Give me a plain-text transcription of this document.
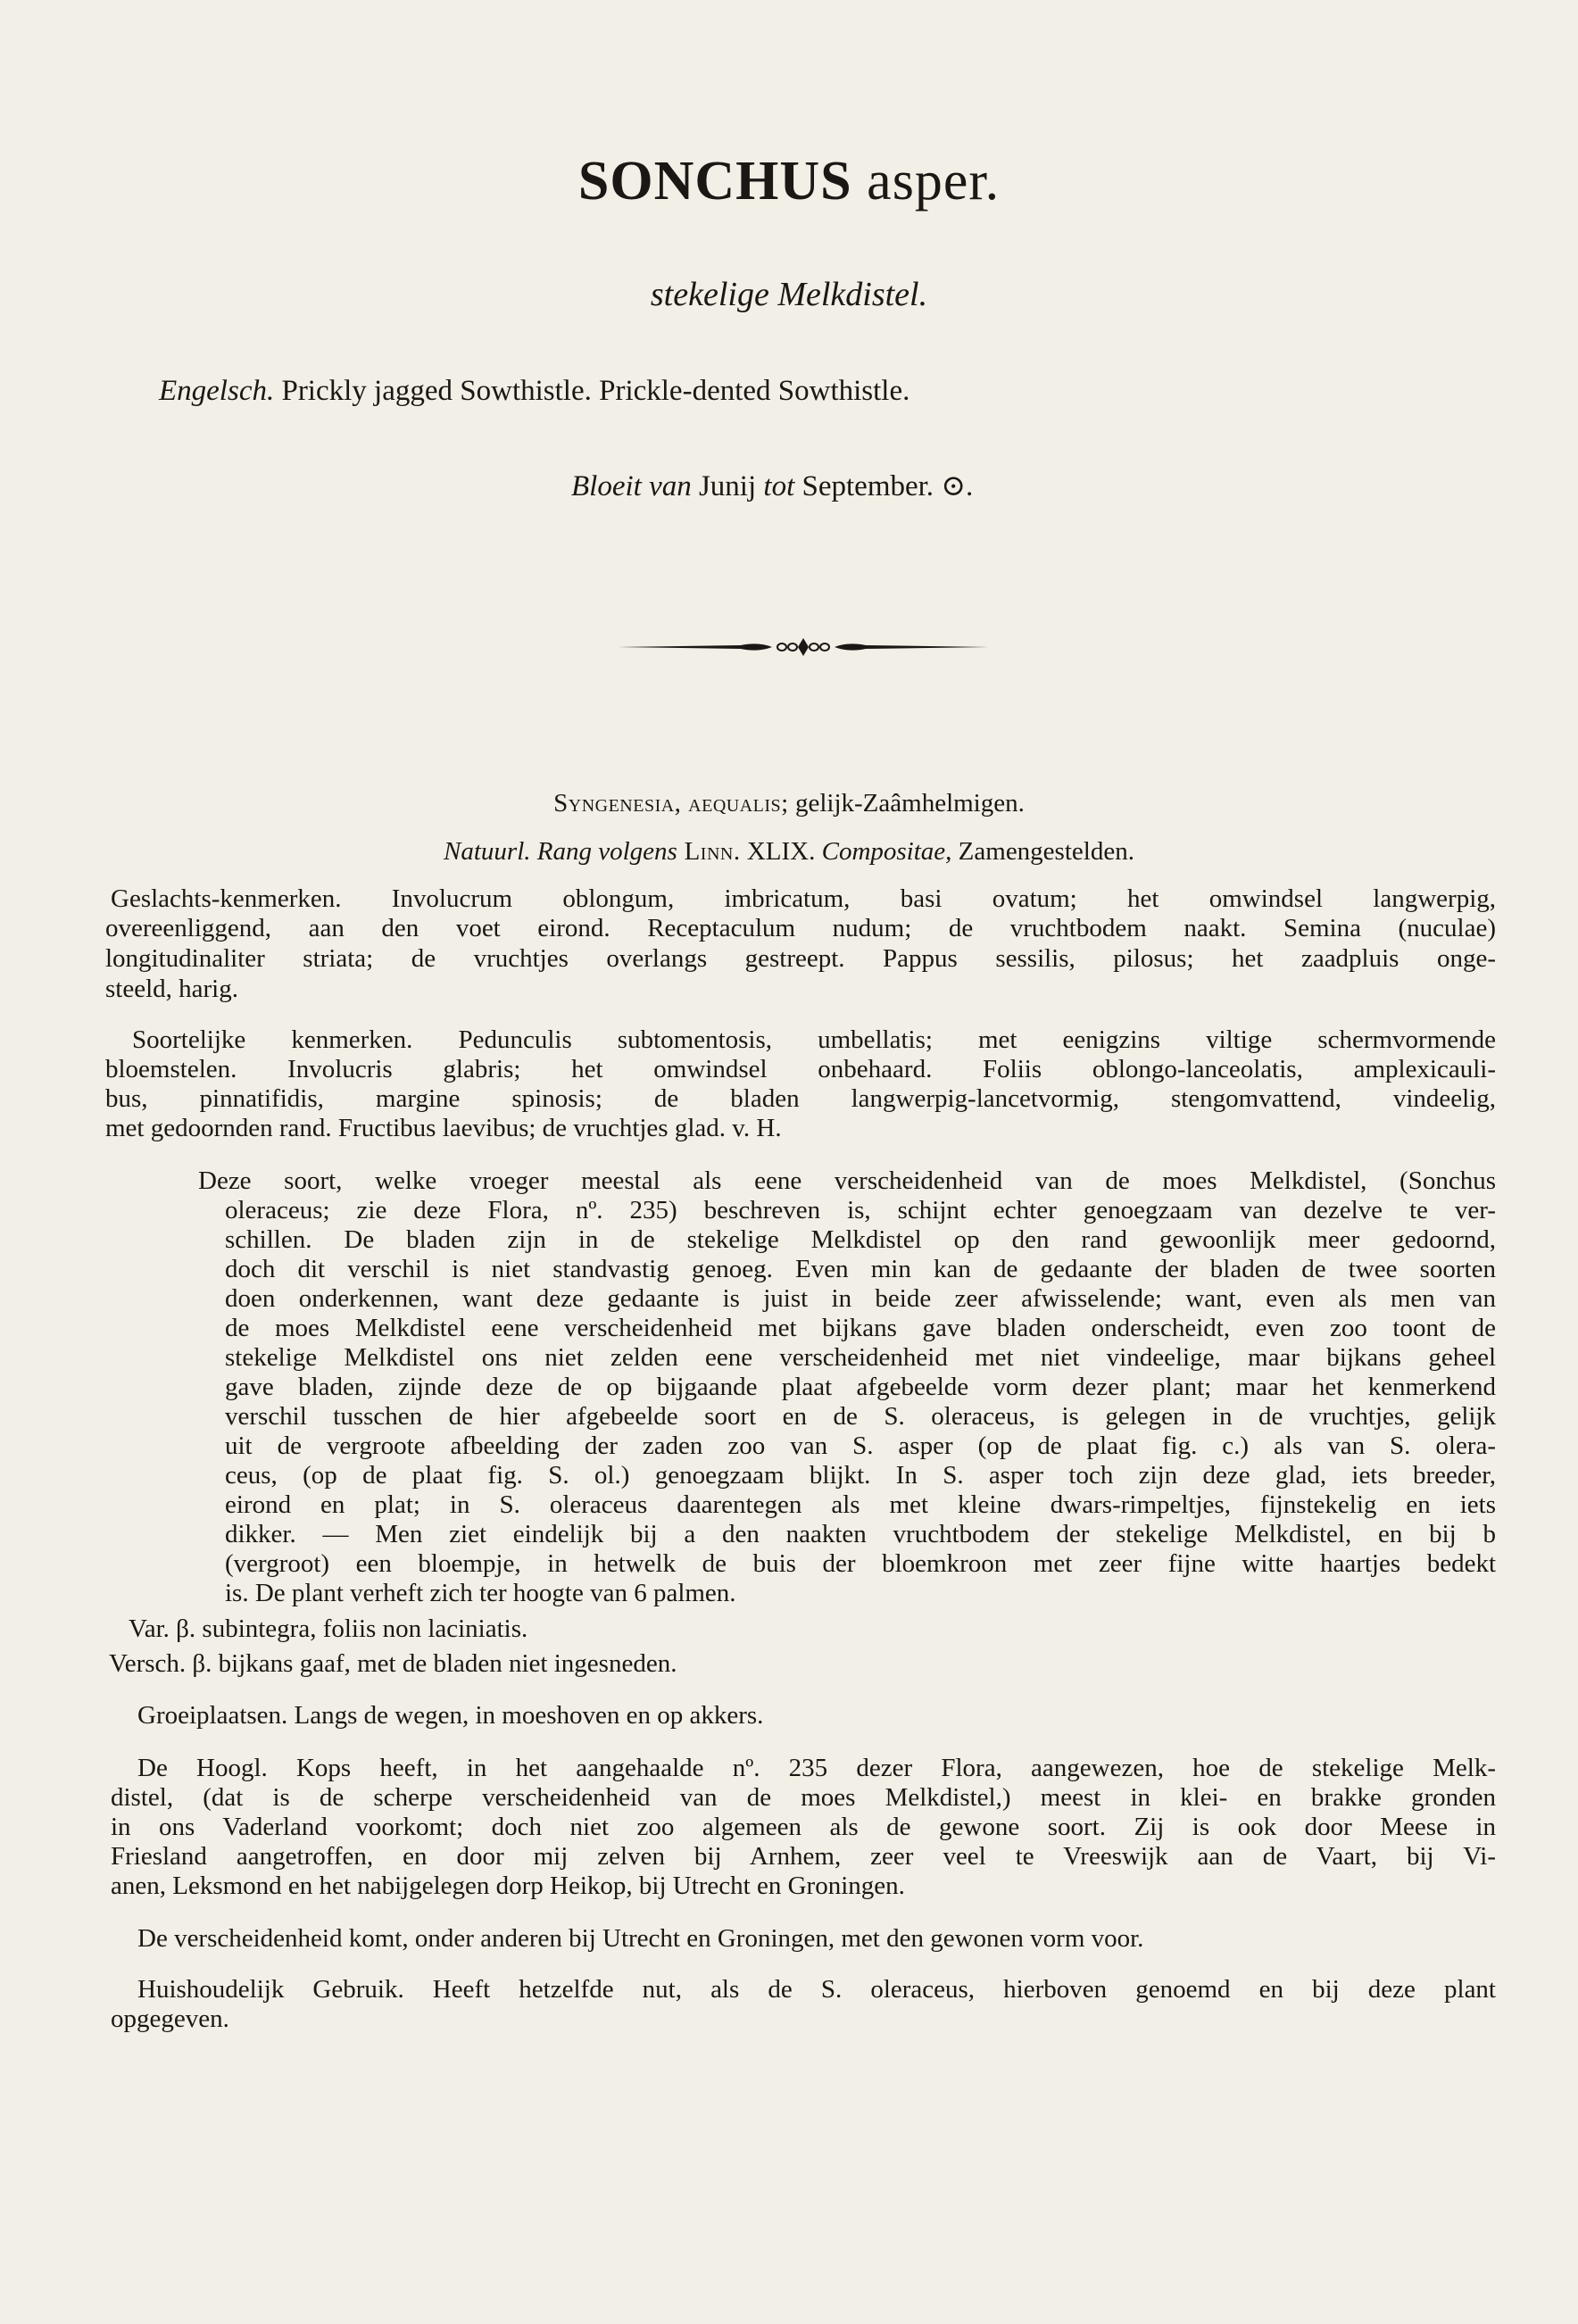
SONCHUS asper.
stekelige Melkdistel.
Engelsch. Prickly jagged Sowthistle. Prickle-dented Sowthistle.
Bloeit van Junij tot September. ⊙.
Syngenesia, aequalis; gelijk-Zaâmhelmigen.
Natuurl. Rang volgens Linn. XLIX. Compositae, Zamengestelden.
Geslachts-kenmerken. Involucrum oblongum, imbricatum, basi ovatum; het omwindsel langwerpig,
overeenliggend, aan den voet eirond. Receptaculum nudum; de vruchtbodem naakt. Semina (nuculae)
longitudinaliter striata; de vruchtjes overlangs gestreept. Pappus sessilis, pilosus; het zaadpluis onge-
steeld, harig.
Soortelijke kenmerken. Pedunculis subtomentosis, umbellatis; met eenigzins viltige schermvormende
bloemstelen. Involucris glabris; het omwindsel onbehaard. Foliis oblongo-lanceolatis, amplexicauli-
bus, pinnatifidis, margine spinosis; de bladen langwerpig-lancetvormig, stengomvattend, vindeelig,
met gedoornden rand. Fructibus laevibus; de vruchtjes glad. v. H.
Deze soort, welke vroeger meestal als eene verscheidenheid van de moes Melkdistel, (Sonchus
oleraceus; zie deze Flora, nº. 235) beschreven is, schijnt echter genoegzaam van dezelve te ver-
schillen. De bladen zijn in de stekelige Melkdistel op den rand gewoonlijk meer gedoornd,
doch dit verschil is niet standvastig genoeg. Even min kan de gedaante der bladen de twee soorten
doen onderkennen, want deze gedaante is juist in beide zeer afwisselende; want, even als men van
de moes Melkdistel eene verscheidenheid met bijkans gave bladen onderscheidt, even zoo toont de
stekelige Melkdistel ons niet zelden eene verscheidenheid met niet vindeelige, maar bijkans geheel
gave bladen, zijnde deze de op bijgaande plaat afgebeelde vorm dezer plant; maar het kenmerkend
verschil tusschen de hier afgebeelde soort en de S. oleraceus, is gelegen in de vruchtjes, gelijk
uit de vergroote afbeelding der zaden zoo van S. asper (op de plaat fig. c.) als van S. olera-
ceus, (op de plaat fig. S. ol.) genoegzaam blijkt. In S. asper toch zijn deze glad, iets breeder,
eirond en plat; in S. oleraceus daarentegen als met kleine dwars-rimpeltjes, fijnstekelig en iets
dikker. — Men ziet eindelijk bij a den naakten vruchtbodem der stekelige Melkdistel, en bij b
(vergroot) een bloempje, in hetwelk de buis der bloemkroon met zeer fijne witte haartjes bedekt
is. De plant verheft zich ter hoogte van 6 palmen.
Var. β. subintegra, foliis non laciniatis.
Versch. β. bijkans gaaf, met de bladen niet ingesneden.
Groeiplaatsen. Langs de wegen, in moeshoven en op akkers.
De Hoogl. Kops heeft, in het aangehaalde nº. 235 dezer Flora, aangewezen, hoe de stekelige Melk-
distel, (dat is de scherpe verscheidenheid van de moes Melkdistel,) meest in klei- en brakke gronden
in ons Vaderland voorkomt; doch niet zoo algemeen als de gewone soort. Zij is ook door Meese in
Friesland aangetroffen, en door mij zelven bij Arnhem, zeer veel te Vreeswijk aan de Vaart, bij Vi-
anen, Leksmond en het nabijgelegen dorp Heikop, bij Utrecht en Groningen.
De verscheidenheid komt, onder anderen bij Utrecht en Groningen, met den gewonen vorm voor.
Huishoudelijk Gebruik. Heeft hetzelfde nut, als de S. oleraceus, hierboven genoemd en bij deze plant
opgegeven.
